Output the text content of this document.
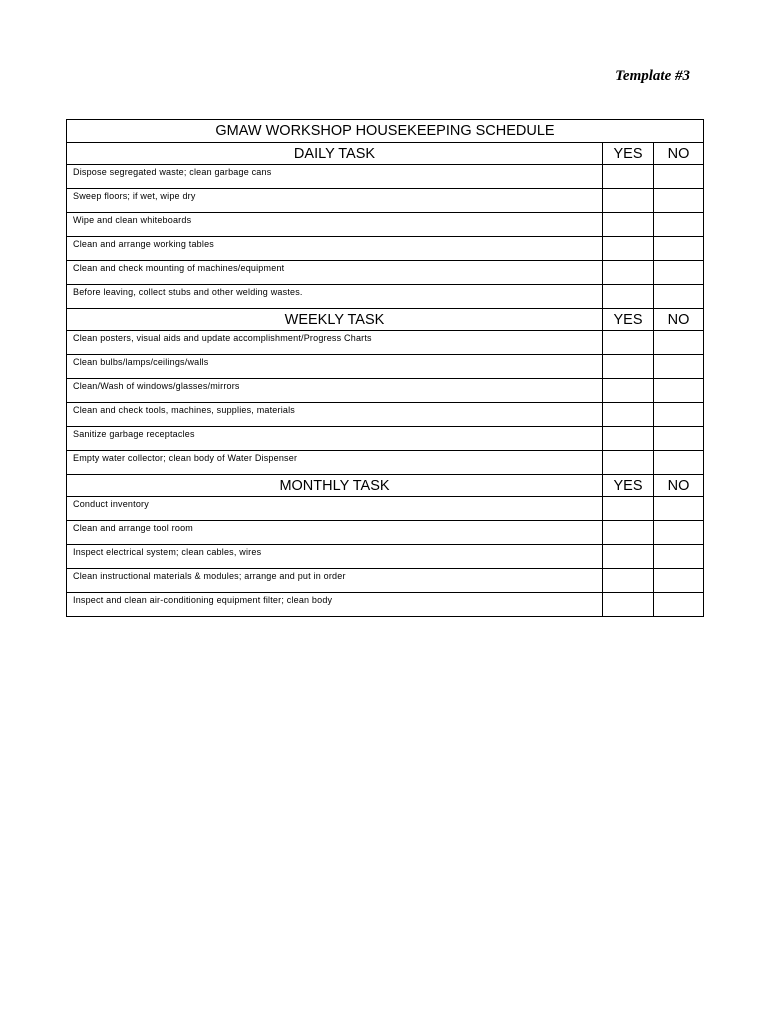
Template #3
GMAW WORKSHOP HOUSEKEEPING SCHEDULE		
DAILY TASK	YES	NO
Dispose segregated waste; clean garbage cans		
Sweep floors; if wet, wipe dry		
Wipe and clean whiteboards		
Clean and arrange working tables		
Clean and check mounting of machines/equipment		
Before leaving, collect stubs and other welding wastes.		
WEEKLY TASK	YES	NO
Clean posters, visual aids and update accomplishment/Progress Charts		
Clean bulbs/lamps/ceilings/walls		
Clean/Wash of windows/glasses/mirrors		
Clean and check tools, machines, supplies, materials		
Sanitize garbage receptacles		
Empty water collector; clean body of Water Dispenser		
MONTHLY TASK	YES	NO
Conduct inventory		
Clean and arrange tool room		
Inspect electrical system; clean cables, wires		
Clean instructional materials & modules; arrange and put in order		
Inspect and clean air-conditioning equipment filter; clean body		
